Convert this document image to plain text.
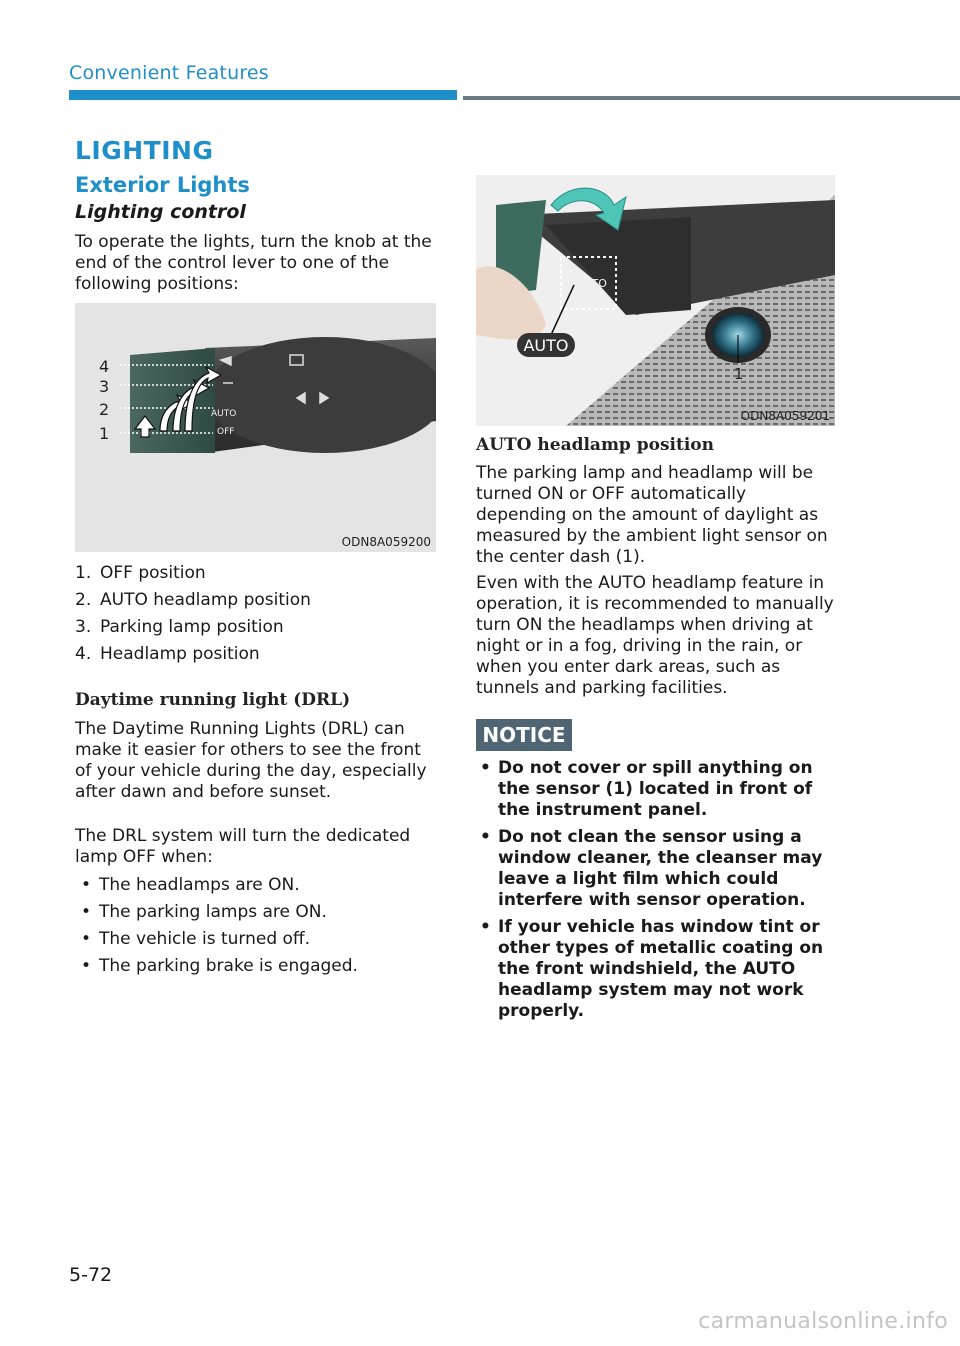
Convenient Features
LIGHTING
Exterior Lights
Lighting control
To operate the lights, turn the knob at the end of the control lever to one of the following positions:
AUTO
OFF
4
3
2
1
ODN8A059200
1. OFF position
2. AUTO headlamp position
3. Parking lamp position
4. Headlamp position
Daytime running light (DRL)
The Daytime Running Lights (DRL) can make it easier for others to see the front of your vehicle during the day, especially after dawn and before sunset.
The DRL system will turn the dedicated lamp OFF when:
• The headlamps are ON.
• The parking lamps are ON.
• The vehicle is turned off.
• The parking brake is engaged.
AUTO
OFF
AUTO
1
ODN8A059201
AUTO headlamp position
The parking lamp and headlamp will be turned ON or OFF automatically depending on the amount of daylight as measured by the ambient light sensor on the center dash (1).
Even with the AUTO headlamp feature in operation, it is recommended to manually turn ON the headlamps when driving at night or in a fog, driving in the rain, or when you enter dark areas, such as tunnels and parking facilities.
NOTICE
• Do not cover or spill anything on the sensor (1) located in front of the instrument panel.
• Do not clean the sensor using a window cleaner, the cleanser may leave a light film which could interfere with sensor operation.
• If your vehicle has window tint or other types of metallic coating on the front windshield, the AUTO headlamp system may not work properly.
5-72
carmanualsonline.info
